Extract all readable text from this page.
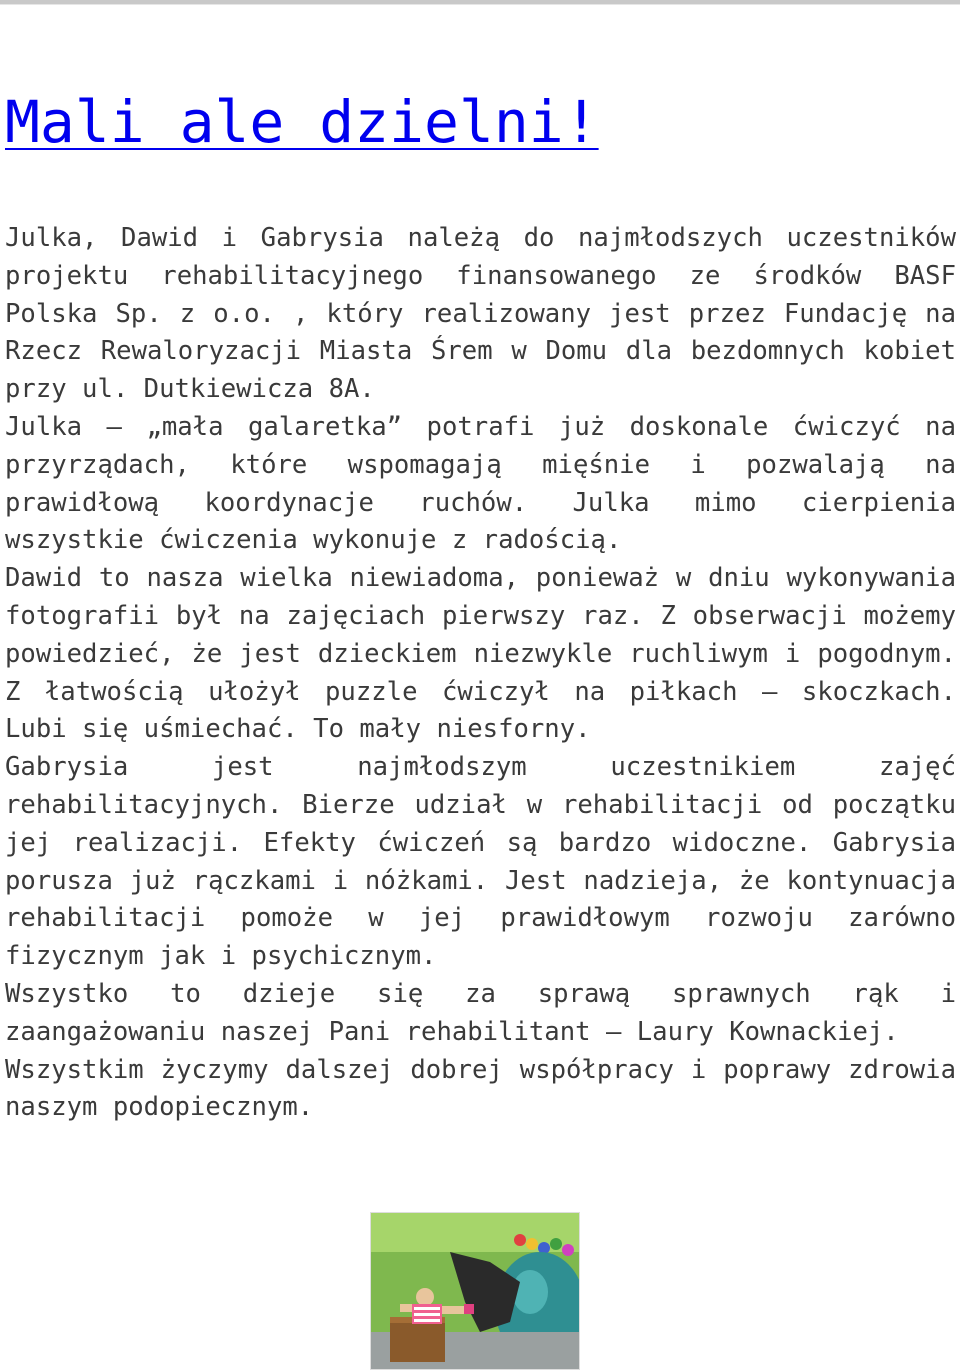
Mali ale dzielni!

Julka, Dawid i Gabrysia należą do najmłodszych uczestników projektu rehabilitacyjnego finansowanego ze środków BASF Polska Sp. z o.o. , który realizowany jest przez Fundację na Rzecz Rewaloryzacji Miasta Śrem w Domu dla bezdomnych kobiet przy ul. Dutkiewicza 8A.

Julka – „mała galaretka” potrafi już doskonale ćwiczyć na przyrządach, które wspomagają mięśnie i pozwalają na prawidłową koordynacje ruchów. Julka mimo cierpienia wszystkie ćwiczenia wykonuje z radością.

Dawid to nasza wielka niewiadoma, ponieważ w dniu wykonywania fotografii był na zajęciach pierwszy raz. Z obserwacji możemy powiedzieć, że jest dzieckiem niezwykle ruchliwym i pogodnym. Z łatwością ułożył puzzle ćwiczył na piłkach – skoczkach. Lubi się uśmiechać. To mały niesforny.

Gabrysia jest najmłodszym uczestnikiem zajęć rehabilitacyjnych. Bierze udział w rehabilitacji od początku jej realizacji. Efekty ćwiczeń są bardzo widoczne. Gabrysia porusza już rączkami i nóżkami. Jest nadzieja, że kontynuacja rehabilitacji pomoże w jej prawidłowym rozwoju zarówno fizycznym jak i psychicznym.

Wszystko to dzieje się za sprawą sprawnych rąk i zaangażowaniu naszej Pani rehabilitant – Laury Kownackiej.

Wszystkim życzymy dalszej dobrej współpracy i poprawy zdrowia naszym podopiecznym.
